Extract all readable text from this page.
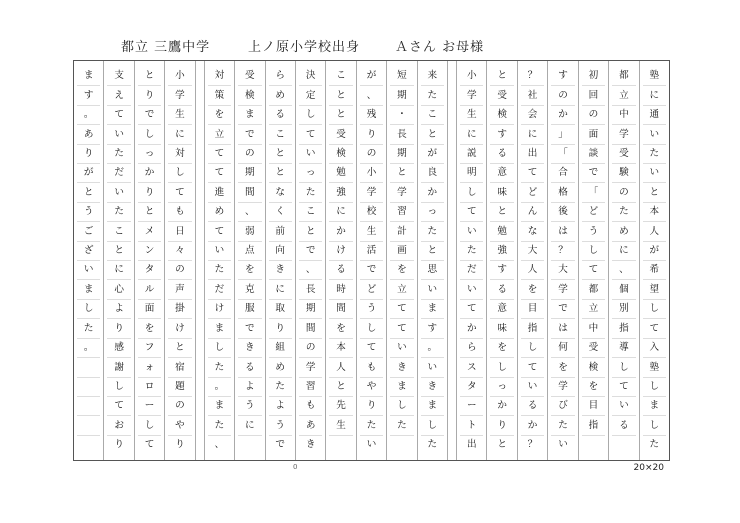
都立 三鷹中学	上ノ原小学校出身	Ａさん お母様
塾
に
通
い
た
い
と
本
人
が
希
望
し
て
入
塾
し
ま
し
た
都
立
中
学
受
験
の
た
め
に
、
個
別
指
導
し
て
い
る
初
回
の
面
談
で
「
ど
う
し
て
都
立
中
受
検
を
目
指
す
の
か
」
「
合
格
後
は
？
大
学
で
は
何
を
学
び
た
い
？
社
会
に
出
て
ど
ん
な
大
人
を
目
指
し
て
い
る
か
？
と
受
検
す
る
意
味
と
勉
強
す
る
意
味
を
し
っ
か
り
と
小
学
生
に
説
明
し
て
い
た
だ
い
て
か
ら
ス
タ
ー
ト
出
来
た
こ
と
が
良
か
っ
た
と
思
い
ま
す
。
い
き
ま
し
た
短
期
・
長
期
と
学
習
計
画
を
立
て
て
い
き
ま
し
た
が
、
残
り
の
小
学
校
生
活
で
ど
う
し
て
も
や
り
た
い
こ
と
と
受
検
勉
強
に
か
け
る
時
間
を
本
人
と
先
生
決
定
し
て
い
っ
た
こ
と
で
、
長
期
間
の
学
習
も
あ
き
ら
め
る
こ
と
と
な
く
前
向
き
に
取
り
組
め
た
よ
う
で
受
検
ま
で
の
期
間
、
弱
点
を
克
服
で
き
る
よ
う
に
対
策
を
立
て
て
進
め
て
い
た
だ
け
ま
し
た
。
ま
た
、
小
学
生
に
対
し
て
も
日
々
の
声
掛
け
と
宿
題
の
や
り
と
り
で
し
っ
か
り
と
メ
ン
タ
ル
面
を
フ
ォ
ロ
ー
し
て
支
え
て
い
た
だ
い
た
こ
と
に
心
よ
り
感
謝
し
て
お
り
ま
す
。
あ
り
が
と
う
ご
ざ
い
ま
し
た
。
0	20×20
